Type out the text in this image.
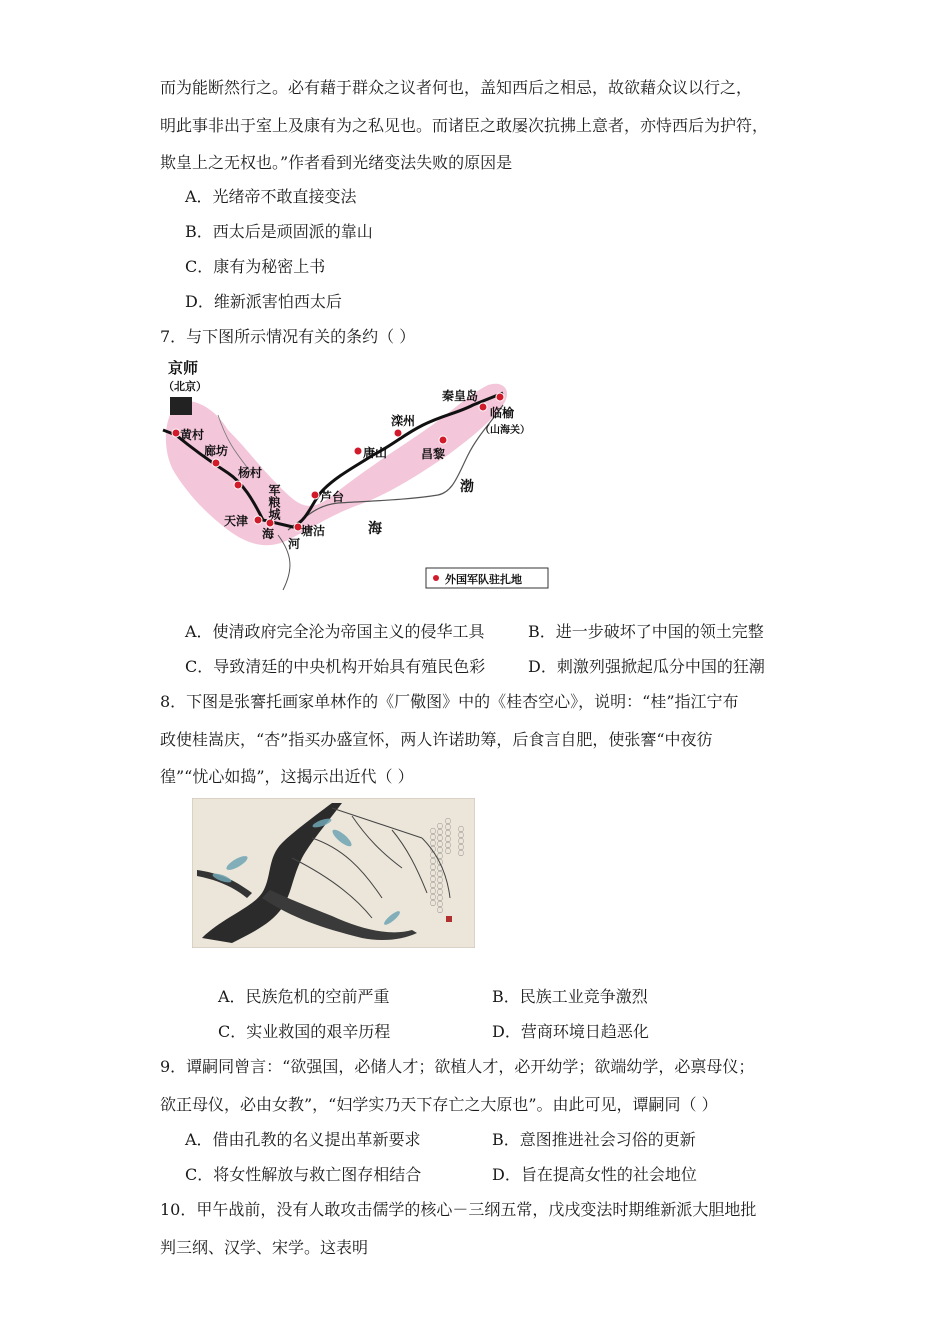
而为能断然行之。必有藉于群众之议者何也，盖知西后之相忌，故欲藉众议以行之，
明此事非出于室上及康有为之私见也。而诸臣之敢屡次抗拂上意者，亦恃西后为护符，
欺皇上之无权也。”作者看到光绪变法失败的原因是
A．光绪帝不敢直接变法
B．西太后是顽固派的靠山
C．康有为秘密上书
D．维新派害怕西太后
7．与下图所示情况有关的条约（ ）
京师
（北京）
黄村
廊坊
杨村
天津
塘沽
芦台
唐山
滦州
昌黎
秦皇岛
临榆
（山海关）
海
河
军粮城	渤
海
外国军队驻扎地
A．使清政府完全沦为帝国主义的侵华工具	B．进一步破坏了中国的领土完整
C．导致清廷的中央机构开始具有殖民色彩	D．刺激列强掀起瓜分中国的狂潮
8．下图是张謇托画家单林作的《厂儆图》中的《桂杏空心》，说明：“桂”指江宁布
政使桂嵩庆，“杏”指买办盛宣怀，两人许诺助筹，后食言自肥，使张謇“中夜彷
徨”“忧心如捣”，这揭示出近代（ ）
〇〇〇〇〇〇
〇〇〇〇〇〇〇〇〇〇〇〇〇〇〇
〇〇〇〇〇〇〇〇〇〇〇〇〇	〇〇〇〇〇
A．民族危机的空前严重	B．民族工业竞争激烈
C．实业救国的艰辛历程	D．营商环境日趋恶化
9．谭嗣同曾言：“欲强国，必储人才；欲植人才，必开幼学；欲端幼学，必禀母仪；
欲正母仪，必由女教”，“妇学实乃天下存亡之大原也”。由此可见，谭嗣同（ ）
A．借由孔教的名义提出革新要求	B．意图推进社会习俗的更新
C．将女性解放与救亡图存相结合	D．旨在提高女性的社会地位
10．甲午战前，没有人敢攻击儒学的核心－三纲五常，戊戌变法时期维新派大胆地批
判三纲、汉学、宋学。这表明
